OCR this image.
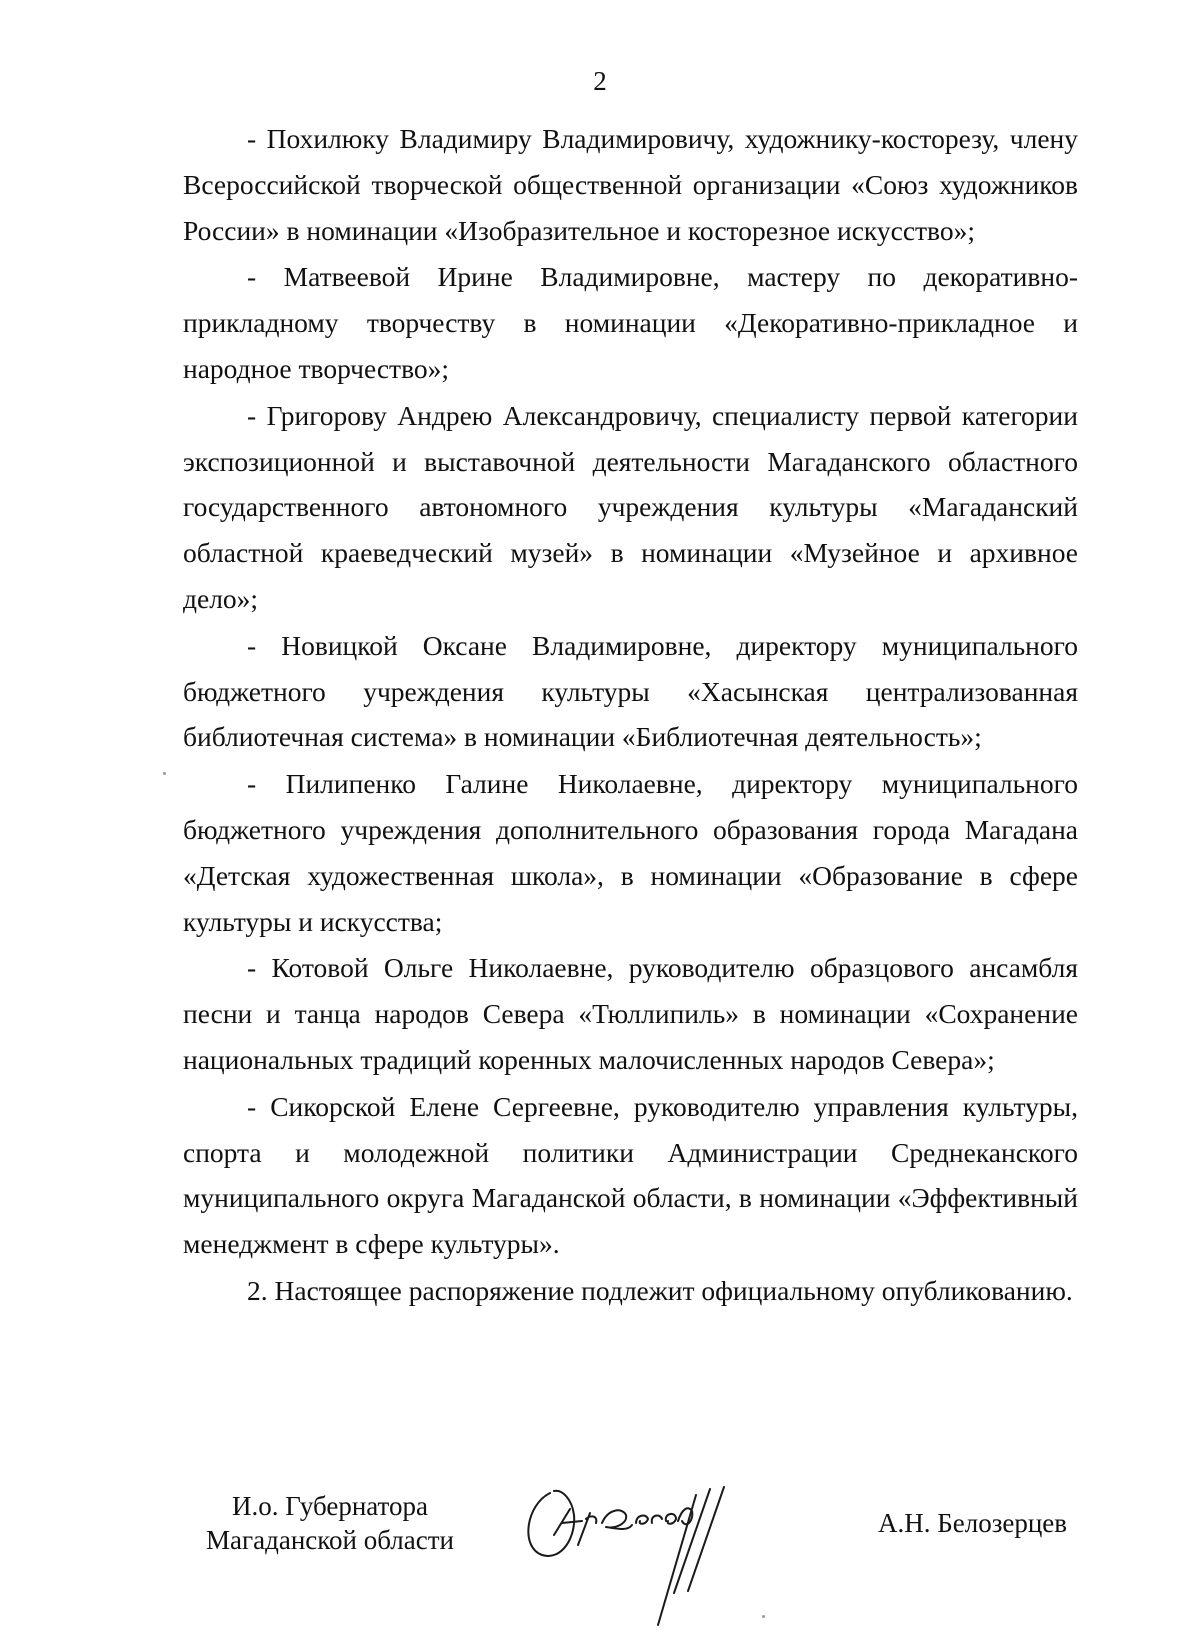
2

- Похилюку Владимиру Владимировичу, художнику-косторезу, члену Всероссийской творческой общественной организации «Союз художников России» в номинации «Изобразительное и косторезное искусство»;

- Матвеевой Ирине Владимировне, мастеру по декоративно-прикладному творчеству в номинации «Декоративно-прикладное и народное творчество»;

- Григорову Андрею Александровичу, специалисту первой категории экспозиционной и выставочной деятельности Магаданского областного государственного автономного учреждения культуры «Магаданский областной краеведческий музей» в номинации «Музейное и архивное дело»;

- Новицкой Оксане Владимировне, директору муниципального бюджетного учреждения культуры «Хасынская централизованная библиотечная система» в номинации «Библиотечная деятельность»;

- Пилипенко Галине Николаевне, директору муниципального бюджетного учреждения дополнительного образования города Магадана «Детская художественная школа», в номинации «Образование в сфере культуры и искусства;

- Котовой Ольге Николаевне, руководителю образцового ансамбля песни и танца народов Севера «Тюллипиль» в номинации «Сохранение национальных традиций коренных малочисленных народов Севера»;

- Сикорской Елене Сергеевне, руководителю управления культуры, спорта и молодежной политики Администрации Среднеканского муниципального округа Магаданской области, в номинации «Эффективный менеджмент в сфере культуры».

2. Настоящее распоряжение подлежит официальному опубликованию.

И.о. Губернатора
Магаданской области
А.Н. Белозерцев
